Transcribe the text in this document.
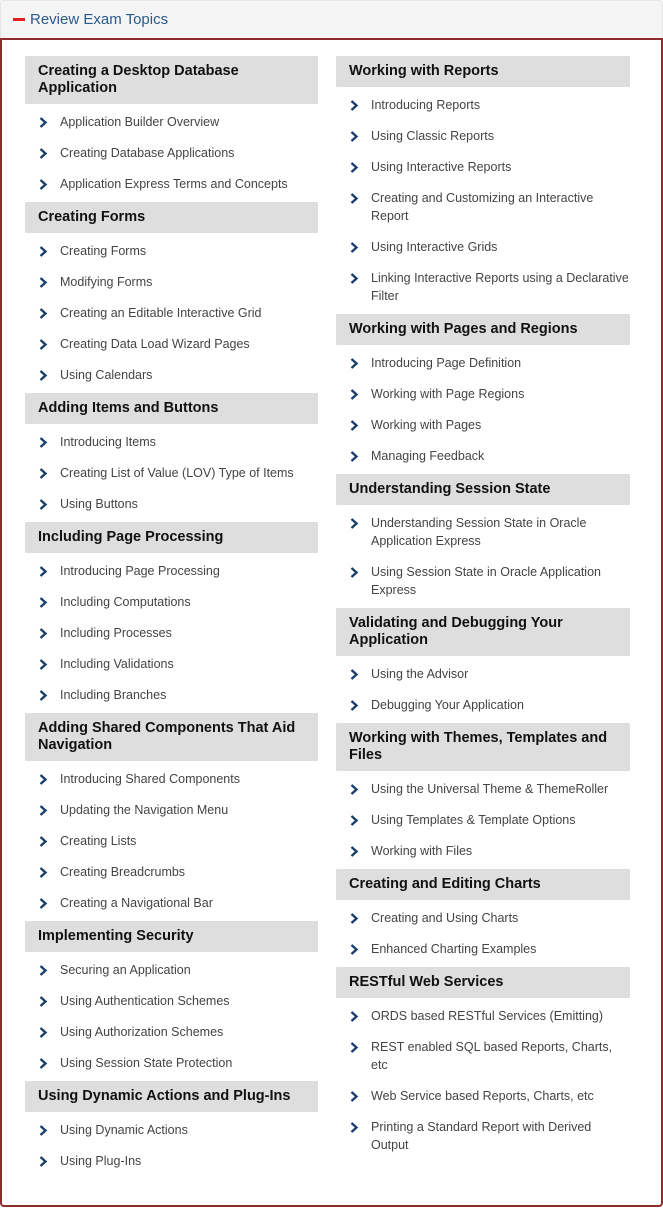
Review Exam Topics
Creating a Desktop Database Application
Application Builder Overview
Creating Database Applications
Application Express Terms and Concepts
Creating Forms
Creating Forms
Modifying Forms
Creating an Editable Interactive Grid
Creating Data Load Wizard Pages
Using Calendars
Adding Items and Buttons
Introducing Items
Creating List of Value (LOV) Type of Items
Using Buttons
Including Page Processing
Introducing Page Processing
Including Computations
Including Processes
Including Validations
Including Branches
Adding Shared Components That Aid Navigation
Introducing Shared Components
Updating the Navigation Menu
Creating Lists
Creating Breadcrumbs
Creating a Navigational Bar
Implementing Security
Securing an Application
Using Authentication Schemes
Using Authorization Schemes
Using Session State Protection
Using Dynamic Actions and Plug-Ins
Using Dynamic Actions
Using Plug-Ins
Working with Reports
Introducing Reports
Using Classic Reports
Using Interactive Reports
Creating and Customizing an Interactive Report
Using Interactive Grids
Linking Interactive Reports using a Declarative Filter
Working with Pages and Regions
Introducing Page Definition
Working with Page Regions
Working with Pages
Managing Feedback
Understanding Session State
Understanding Session State in Oracle Application Express
Using Session State in Oracle Application Express
Validating and Debugging Your Application
Using the Advisor
Debugging Your Application
Working with Themes, Templates and Files
Using the Universal Theme & ThemeRoller
Using Templates & Template Options
Working with Files
Creating and Editing Charts
Creating and Using Charts
Enhanced Charting Examples
RESTful Web Services
ORDS based RESTful Services (Emitting)
REST enabled SQL based Reports, Charts, etc
Web Service based Reports, Charts, etc
Printing a Standard Report with Derived Output
